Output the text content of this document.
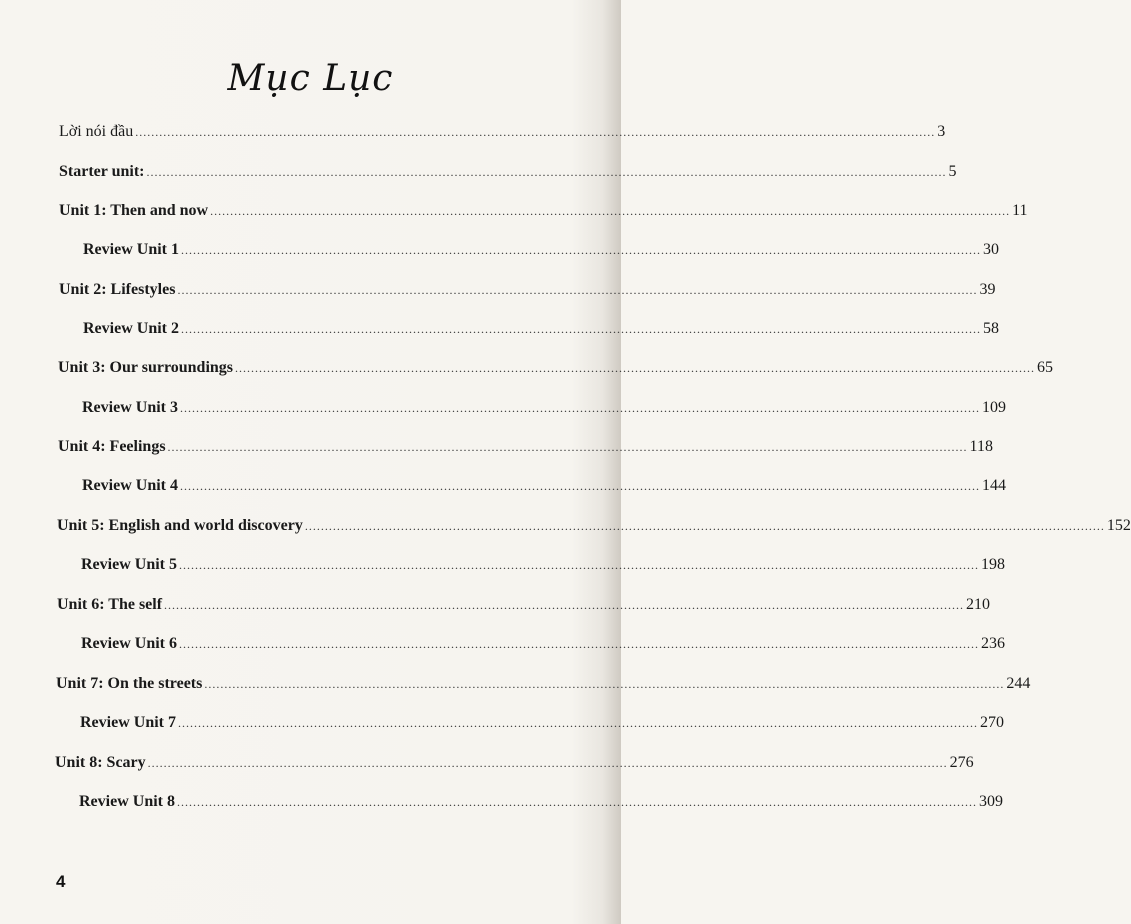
Mục Lục
Lời nói đầu ........................................................................................................................................................................................................ 3
Starter unit: ........................................................................................................................................................................................................ 5
Unit 1: Then and now ........................................................................................................................................................................................................ 11
Review Unit 1 ........................................................................................................................................................................................................ 30
Unit 2: Lifestyles ........................................................................................................................................................................................................ 39
Review Unit 2 ........................................................................................................................................................................................................ 58
Unit 3: Our surroundings ........................................................................................................................................................................................................ 65
Review Unit 3 ........................................................................................................................................................................................................ 109
Unit 4: Feelings ........................................................................................................................................................................................................ 118
Review Unit 4 ........................................................................................................................................................................................................ 144
Unit 5: English and world discovery ........................................................................................................................................................................................................ 152
Review Unit 5 ........................................................................................................................................................................................................ 198
Unit 6: The self ........................................................................................................................................................................................................ 210
Review Unit 6 ........................................................................................................................................................................................................ 236
Unit 7: On the streets ........................................................................................................................................................................................................ 244
Review Unit 7 ........................................................................................................................................................................................................ 270
Unit 8: Scary ........................................................................................................................................................................................................ 276
Review Unit 8 ........................................................................................................................................................................................................ 309
4
